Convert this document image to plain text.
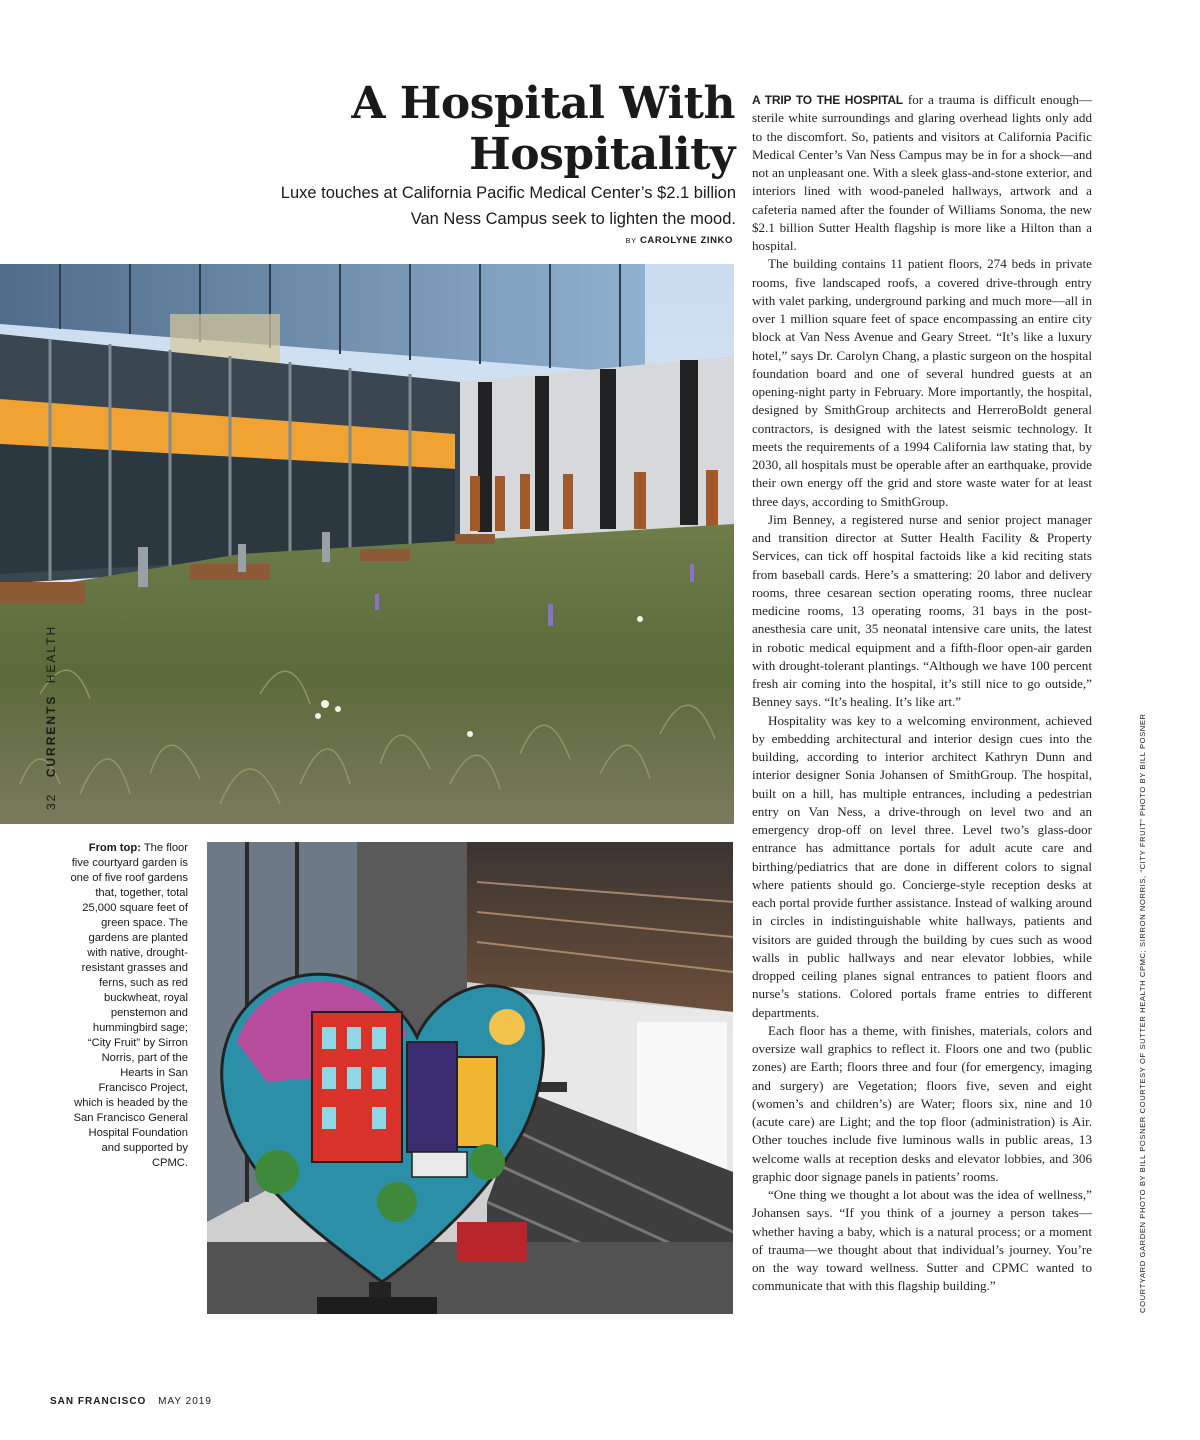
A Hospital With Hospitality

Luxe touches at California Pacific Medical Center’s $2.1 billion Van Ness Campus seek to lighten the mood.

BY CAROLYNE ZINKO
32 CURRENTS HEALTH

From top: The floor five courtyard garden is one of five roof gardens that, together, total 25,000 square feet of green space. The gardens are planted with native, drought-resistant grasses and ferns, such as red buckwheat, royal penstemon and hummingbird sage; “City Fruit” by Sirron Norris, part of the Hearts in San Francisco Project, which is headed by the San Francisco General Hospital Foundation and supported by CPMC.

A TRIP TO THE HOSPITAL for a trauma is difficult enough—sterile white surroundings and glaring overhead lights only add to the discomfort. So, patients and visitors at California Pacific Medical Center’s Van Ness Campus may be in for a shock—and not an unpleasant one. With a sleek glass-and-stone exterior, and interiors lined with wood-paneled hallways, artwork and a cafeteria named after the founder of Williams Sonoma, the new $2.1 billion Sutter Health flagship is more like a Hilton than a hospital.

The building contains 11 patient floors, 274 beds in private rooms, five landscaped roofs, a covered drive-through entry with valet parking, underground parking and much more—all in over 1 million square feet of space encompassing an entire city block at Van Ness Avenue and Geary Street. “It’s like a luxury hotel,” says Dr. Carolyn Chang, a plastic surgeon on the hospital foundation board and one of several hundred guests at an opening-night party in February. More importantly, the hospital, designed by SmithGroup architects and HerreroBoldt general contractors, is designed with the latest seismic technology. It meets the requirements of a 1994 California law stating that, by 2030, all hospitals must be operable after an earthquake, provide their own energy off the grid and store waste water for at least three days, according to SmithGroup.

Jim Benney, a registered nurse and senior project manager and transition director at Sutter Health Facility & Property Services, can tick off hospital factoids like a kid reciting stats from baseball cards. Here’s a smattering: 20 labor and delivery rooms, three cesarean section operating rooms, three nuclear medicine rooms, 13 operating rooms, 31 bays in the post-anesthesia care unit, 35 neonatal intensive care units, the latest in robotic medical equipment and a fifth-floor open-air garden with drought-tolerant plantings. “Although we have 100 percent fresh air coming into the hospital, it’s still nice to go outside,” Benney says. “It’s healing. It’s like art.”

Hospitality was key to a welcoming environment, achieved by embedding architectural and interior design cues into the building, according to interior architect Kathryn Dunn and interior designer Sonia Johansen of SmithGroup. The hospital, built on a hill, has multiple entrances, including a pedestrian entry on Van Ness, a drive-through on level two and an emergency drop-off on level three. Level two’s glass-door entrance has admittance portals for adult acute care and birthing/pediatrics that are done in different colors to signal where patients should go. Concierge-style reception desks at each portal provide further assistance. Instead of walking around in circles in indistinguishable white hallways, patients and visitors are guided through the building by cues such as wood walls in public hallways and near elevator lobbies, while dropped ceiling planes signal entrances to patient floors and nurse’s stations. Colored portals frame entries to different departments.

Each floor has a theme, with finishes, materials, colors and oversize wall graphics to reflect it. Floors one and two (public zones) are Earth; floors three and four (for emergency, imaging and surgery) are Vegetation; floors five, seven and eight (women’s and children’s) are Water; floors six, nine and 10 (acute care) are Light; and the top floor (administration) is Air. Other touches include five luminous walls in public areas, 13 welcome walls at reception desks and elevator lobbies, and 306 graphic door signage panels in patients’ rooms.

“One thing we thought a lot about was the idea of wellness,” Johansen says. “If you think of a journey a person takes—whether having a baby, which is a natural process; or a moment of trauma—we thought about that individual’s journey. You’re on the way toward wellness. Sutter and CPMC wanted to communicate that with this flagship building.”	COURTYARD GARDEN PHOTO BY BILL POSNER COURTESY OF SUTTER HEALTH CPMC; SIRRON NORRIS, “CITY FRUIT” PHOTO BY BILL POSNER
SAN FRANCISCO MAY 2019
